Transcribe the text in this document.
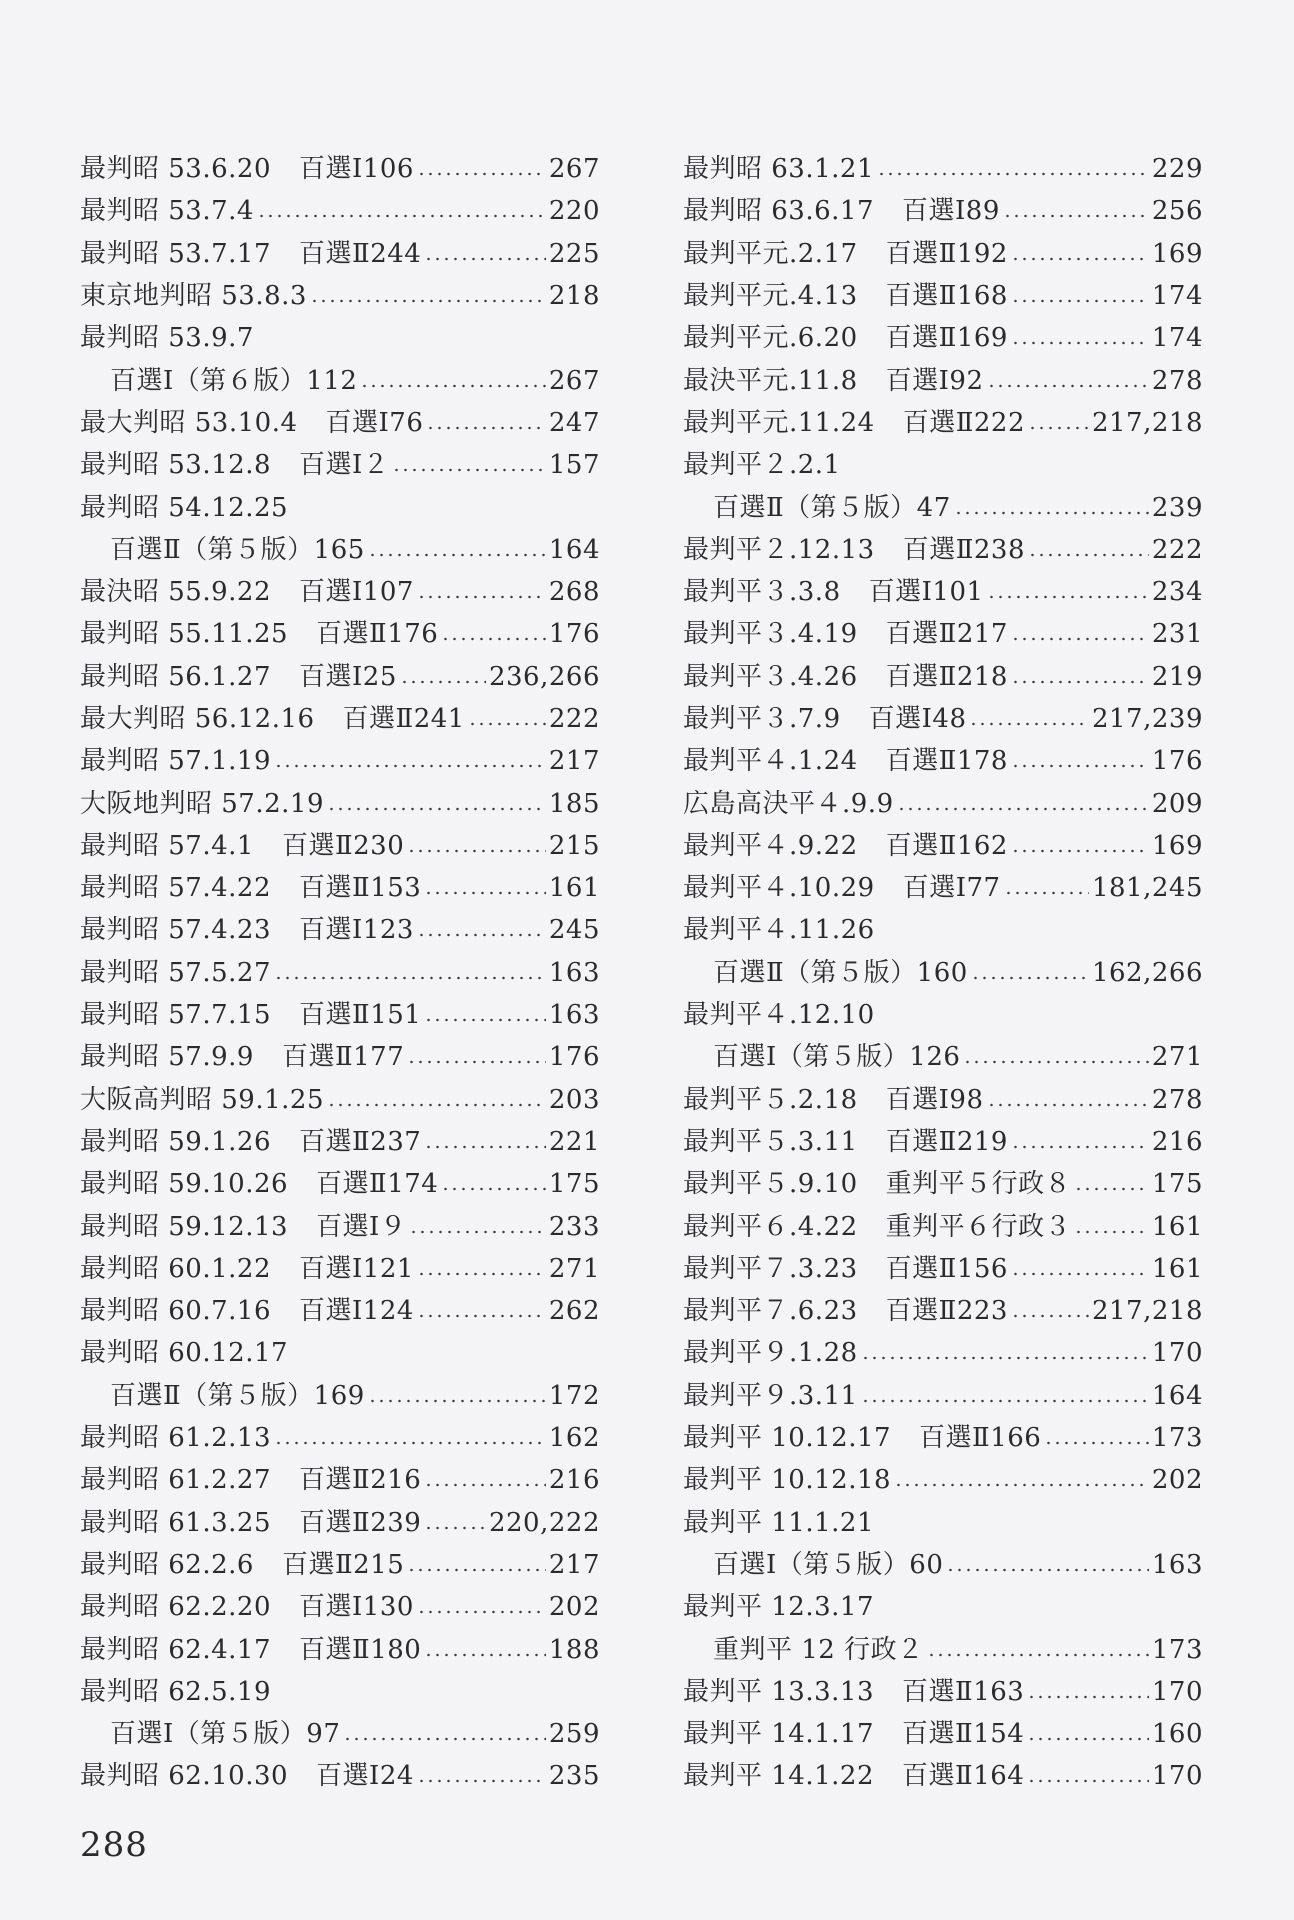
最判昭 53.6.20 百選Ⅰ106	267
最判昭 53.7.4	220
最判昭 53.7.17 百選Ⅱ244	225
東京地判昭 53.8.3	218
最判昭 53.9.7
百選Ⅰ（第６版）112	267
最大判昭 53.10.4 百選Ⅰ76	247
最判昭 53.12.8 百選Ⅰ２	157
最判昭 54.12.25
百選Ⅱ（第５版）165	164
最決昭 55.9.22 百選Ⅰ107	268
最判昭 55.11.25 百選Ⅱ176	176
最判昭 56.1.27 百選Ⅰ25	236,266
最大判昭 56.12.16 百選Ⅱ241	222
最判昭 57.1.19	217
大阪地判昭 57.2.19	185
最判昭 57.4.1 百選Ⅱ230	215
最判昭 57.4.22 百選Ⅱ153	161
最判昭 57.4.23 百選Ⅰ123	245
最判昭 57.5.27	163
最判昭 57.7.15 百選Ⅱ151	163
最判昭 57.9.9 百選Ⅱ177	176
大阪高判昭 59.1.25	203
最判昭 59.1.26 百選Ⅱ237	221
最判昭 59.10.26 百選Ⅱ174	175
最判昭 59.12.13 百選Ⅰ９	233
最判昭 60.1.22 百選Ⅰ121	271
最判昭 60.7.16 百選Ⅰ124	262
最判昭 60.12.17
百選Ⅱ（第５版）169	172
最判昭 61.2.13	162
最判昭 61.2.27 百選Ⅱ216	216
最判昭 61.3.25 百選Ⅱ239	220,222
最判昭 62.2.6 百選Ⅱ215	217
最判昭 62.2.20 百選Ⅰ130	202
最判昭 62.4.17 百選Ⅱ180	188
最判昭 62.5.19
百選Ⅰ（第５版）97	259
最判昭 62.10.30 百選Ⅰ24	235
最判昭 63.1.21	229
最判昭 63.6.17 百選Ⅰ89	256
最判平元.2.17 百選Ⅱ192	169
最判平元.4.13 百選Ⅱ168	174
最判平元.6.20 百選Ⅱ169	174
最決平元.11.8 百選Ⅰ92	278
最判平元.11.24 百選Ⅱ222	217,218
最判平２.2.1
百選Ⅱ（第５版）47	239
最判平２.12.13 百選Ⅱ238	222
最判平３.3.8 百選Ⅰ101	234
最判平３.4.19 百選Ⅱ217	231
最判平３.4.26 百選Ⅱ218	219
最判平３.7.9 百選Ⅰ48	217,239
最判平４.1.24 百選Ⅱ178	176
広島高決平４.9.9	209
最判平４.9.22 百選Ⅱ162	169
最判平４.10.29 百選Ⅰ77	181,245
最判平４.11.26
百選Ⅱ（第５版）160	162,266
最判平４.12.10
百選Ⅰ（第５版）126	271
最判平５.2.18 百選Ⅰ98	278
最判平５.3.11 百選Ⅱ219	216
最判平５.9.10 重判平５行政８	175
最判平６.4.22 重判平６行政３	161
最判平７.3.23 百選Ⅱ156	161
最判平７.6.23 百選Ⅱ223	217,218
最判平９.1.28	170
最判平９.3.11	164
最判平 10.12.17 百選Ⅱ166	173
最判平 10.12.18	202
最判平 11.1.21
百選Ⅰ（第５版）60	163
最判平 12.3.17
重判平 12 行政２	173
最判平 13.3.13 百選Ⅱ163	170
最判平 14.1.17 百選Ⅱ154	160
最判平 14.1.22 百選Ⅱ164	170
288
